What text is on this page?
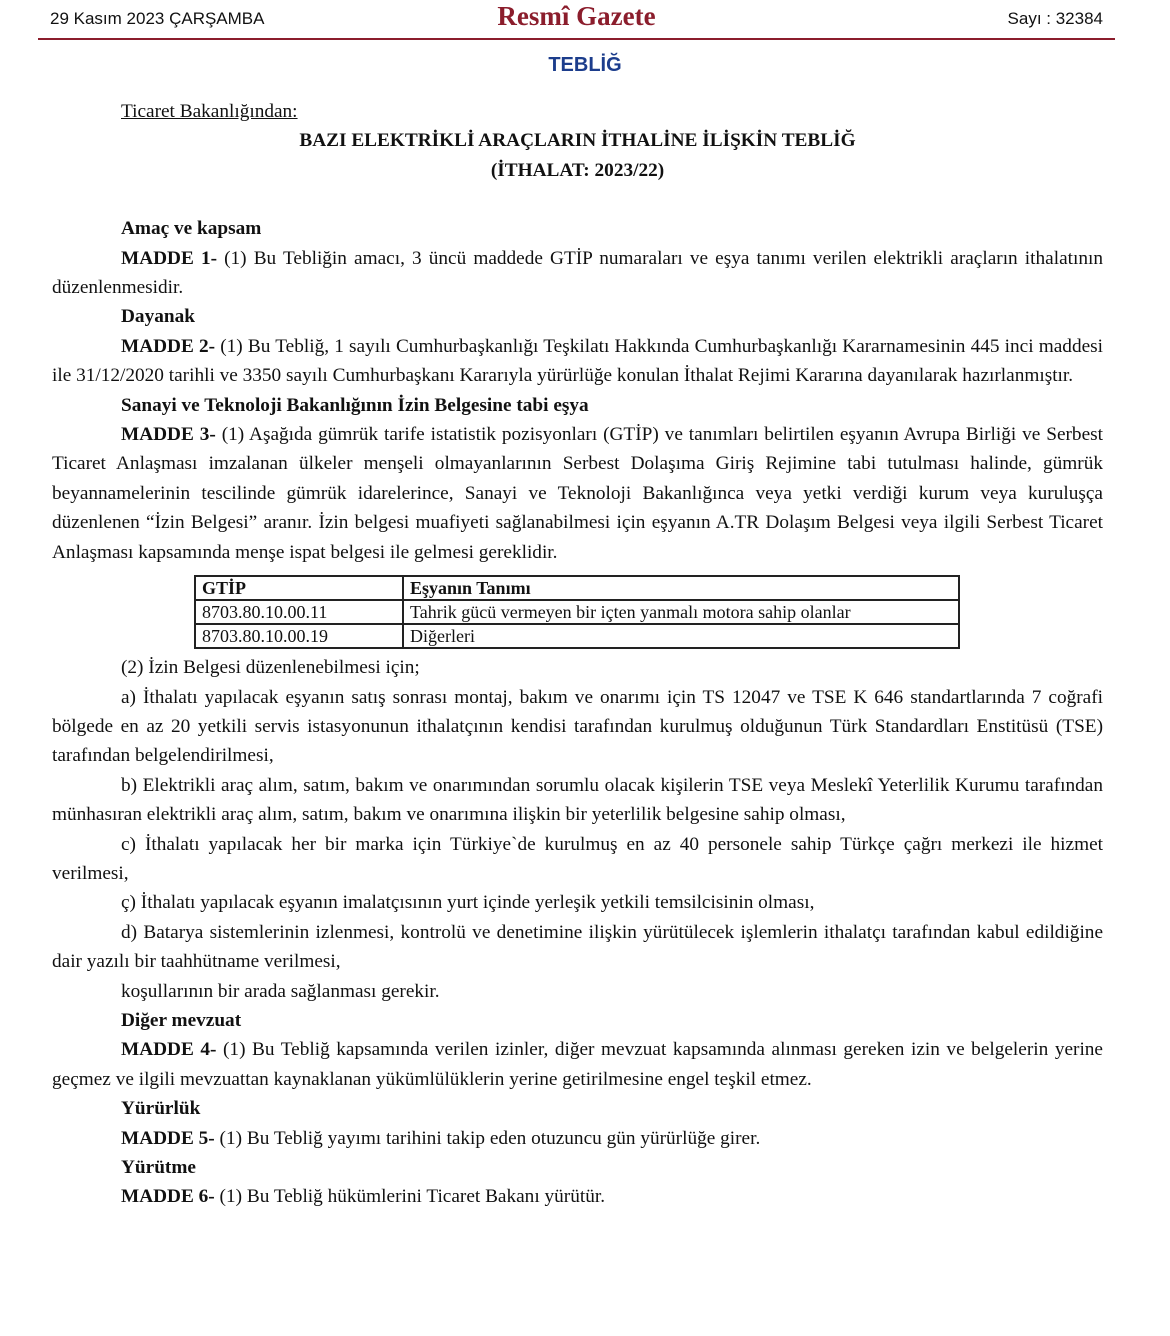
29 Kasım 2023 ÇARŞAMBA	Resmî Gazete	Sayı : 32384
TEBLİĞ

Ticaret Bakanlığından:

BAZI ELEKTRİKLİ ARAÇLARIN İTHALİNE İLİŞKİN TEBLİĞ

(İTHALAT: 2023/22)

Amaç ve kapsam

MADDE 1- (1) Bu Tebliğin amacı, 3 üncü maddede GTİP numaraları ve eşya tanımı verilen elektrikli araçların ithalatının düzenlenmesidir.

Dayanak

MADDE 2- (1) Bu Tebliğ, 1 sayılı Cumhurbaşkanlığı Teşkilatı Hakkında Cumhurbaşkanlığı Kararnamesinin 445 inci maddesi ile 31/12/2020 tarihli ve 3350 sayılı Cumhurbaşkanı Kararıyla yürürlüğe konulan İthalat Rejimi Kararına dayanılarak hazırlanmıştır.

Sanayi ve Teknoloji Bakanlığının İzin Belgesine tabi eşya

MADDE 3- (1) Aşağıda gümrük tarife istatistik pozisyonları (GTİP) ve tanımları belirtilen eşyanın Avrupa Birliği ve Serbest Ticaret Anlaşması imzalanan ülkeler menşeli olmayanlarının Serbest Dolaşıma Giriş Rejimine tabi tutulması halinde, gümrük beyannamelerinin tescilinde gümrük idarelerince, Sanayi ve Teknoloji Bakanlığınca veya yetki verdiği kurum veya kuruluşça düzenlenen “İzin Belgesi” aranır. İzin belgesi muafiyeti sağlanabilmesi için eşyanın A.TR Dolaşım Belgesi veya ilgili Serbest Ticaret Anlaşması kapsamında menşe ispat belgesi ile gelmesi gereklidir.

GTİP	Eşyanın Tanımı
8703.80.10.00.11	Tahrik gücü vermeyen bir içten yanmalı motora sahip olanlar
8703.80.10.00.19	Diğerleri

(2) İzin Belgesi düzenlenebilmesi için;

a) İthalatı yapılacak eşyanın satış sonrası montaj, bakım ve onarımı için TS 12047 ve TSE K 646 standartlarında 7 coğrafi bölgede en az 20 yetkili servis istasyonunun ithalatçının kendisi tarafından kurulmuş olduğunun Türk Standardları Enstitüsü (TSE) tarafından belgelendirilmesi,

b) Elektrikli araç alım, satım, bakım ve onarımından sorumlu olacak kişilerin TSE veya Meslekî Yeterlilik Kurumu tarafından münhasıran elektrikli araç alım, satım, bakım ve onarımına ilişkin bir yeterlilik belgesine sahip olması,

c) İthalatı yapılacak her bir marka için Türkiye`de kurulmuş en az 40 personele sahip Türkçe çağrı merkezi ile hizmet verilmesi,

ç) İthalatı yapılacak eşyanın imalatçısının yurt içinde yerleşik yetkili temsilcisinin olması,

d) Batarya sistemlerinin izlenmesi, kontrolü ve denetimine ilişkin yürütülecek işlemlerin ithalatçı tarafından kabul edildiğine dair yazılı bir taahhütname verilmesi,

koşullarının bir arada sağlanması gerekir.

Diğer mevzuat

MADDE 4- (1) Bu Tebliğ kapsamında verilen izinler, diğer mevzuat kapsamında alınması gereken izin ve belgelerin yerine geçmez ve ilgili mevzuattan kaynaklanan yükümlülüklerin yerine getirilmesine engel teşkil etmez.

Yürürlük

MADDE 5- (1) Bu Tebliğ yayımı tarihini takip eden otuzuncu gün yürürlüğe girer.

Yürütme

MADDE 6- (1) Bu Tebliğ hükümlerini Ticaret Bakanı yürütür.
